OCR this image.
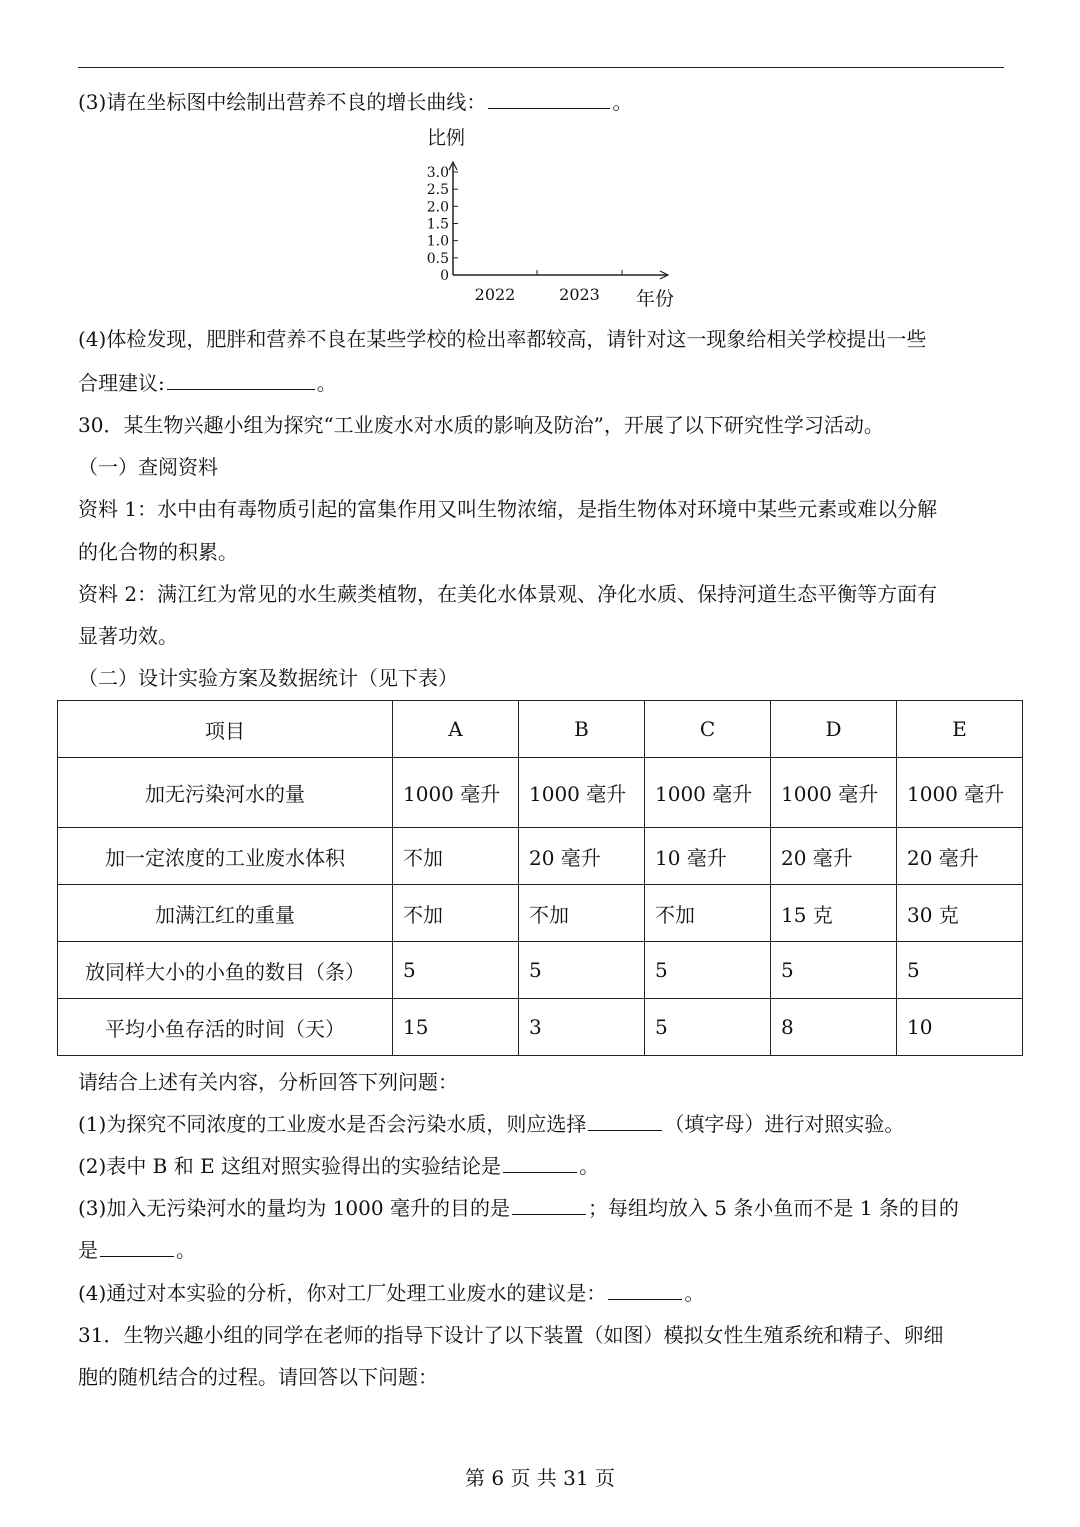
(3)请在坐标图中绘制出营养不良的增长曲线：	。
比例
年份
3.0
2.5
2.0
1.5
1.0
0.5
0
2022	2023
(4)体检发现，肥胖和营养不良在某些学校的检出率都较高，请针对这一现象给相关学校提出一些
合理建议:	。
30．某生物兴趣小组为探究“工业废水对水质的影响及防治”，开展了以下研究性学习活动。
（一）查阅资料
资料 1：水中由有毒物质引起的富集作用又叫生物浓缩，是指生物体对环境中某些元素或难以分解
的化合物的积累。
资料 2：满江红为常见的水生蕨类植物，在美化水体景观、净化水质、保持河道生态平衡等方面有
显著功效。
（二）设计实验方案及数据统计（见下表）
项目	A	B	C	D	E
加无污染河水的量	1000 毫升	1000 毫升	1000 毫升	1000 毫升	1000 毫升
加一定浓度的工业废水体积	不加	20 毫升	10 毫升	20 毫升	20 毫升
加满江红的重量	不加	不加	不加	15 克	30 克
放同样大小的小鱼的数目（条）	5	5	5	5	5
平均小鱼存活的时间（天）	15	3	5	8	10
请结合上述有关内容，分析回答下列问题：
(1)为探究不同浓度的工业废水是否会污染水质，则应选择	（填字母）进行对照实验。
(2)表中 B 和 E 这组对照实验得出的实验结论是	。
(3)加入无污染河水的量均为 1000 毫升的目的是	；每组均放入 5 条小鱼而不是 1 条的目的
是	。
(4)通过对本实验的分析，你对工厂处理工业废水的建议是：	。
31．生物兴趣小组的同学在老师的指导下设计了以下装置（如图）模拟女性生殖系统和精子、卵细
胞的随机结合的过程。请回答以下问题：
第 6 页 共 31 页
